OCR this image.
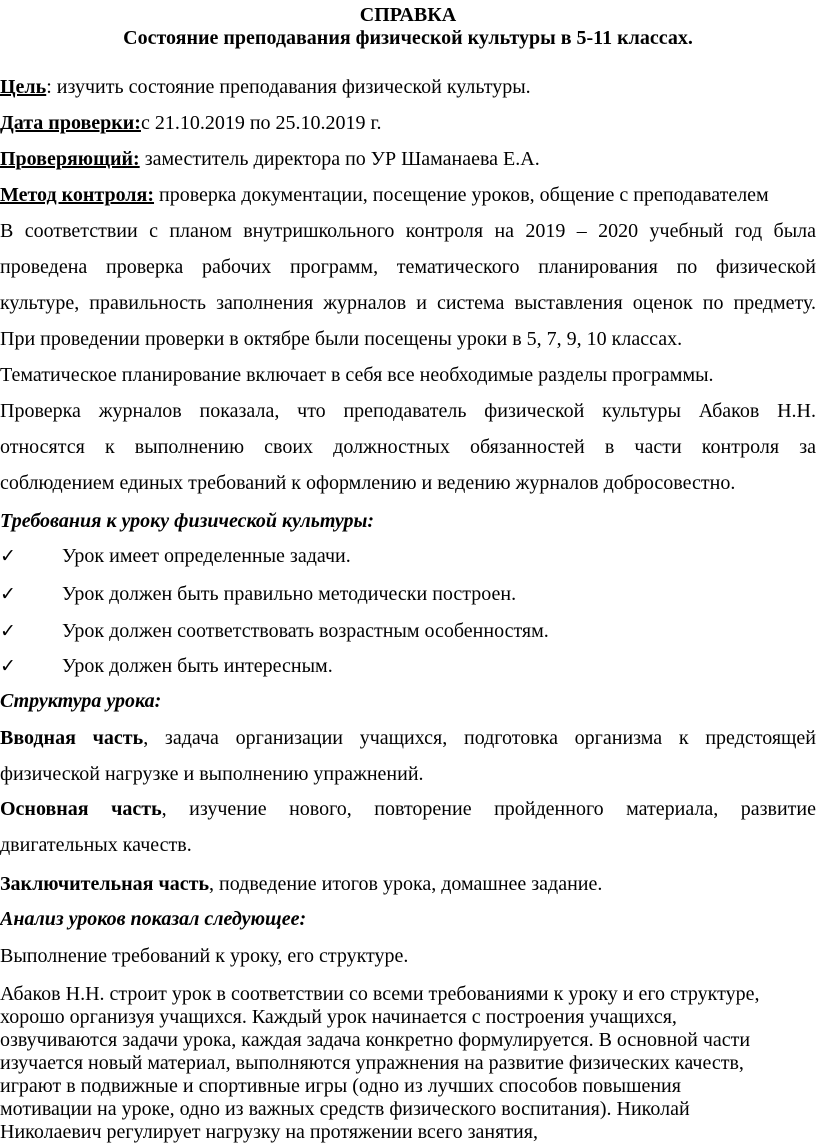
СПРАВКА
Состояние преподавания физической культуры в 5-11 классах.
Цель: изучить состояние преподавания физической культуры.
Дата проверки:с 21.10.2019 по 25.10.2019 г.
Проверяющий: заместитель директора по УР Шаманаева Е.А.
Метод контроля: проверка документации, посещение уроков, общение с преподавателем
В соответствии с планом внутришкольного контроля на 2019 – 2020 учебный год была
проведена проверка рабочих программ, тематического планирования по физической
культуре, правильность заполнения журналов и система выставления оценок по предмету.
При проведении проверки в октябре были посещены уроки в 5, 7, 9, 10 классах.
Тематическое планирование включает в себя все необходимые разделы программы.
Проверка журналов показала, что преподаватель физической культуры Абаков Н.Н.
относятся к выполнению своих должностных обязанностей в части контроля за
соблюдением единых требований к оформлению и ведению журналов добросовестно.
Требования к уроку физической культуры:
✓ Урок имеет определенные задачи.
✓ Урок должен быть правильно методически построен.
✓ Урок должен соответствовать возрастным особенностям.
✓ Урок должен быть интересным.
Структура урока:
Вводная часть, задача организации учащихся, подготовка организма к предстоящей
физической нагрузке и выполнению упражнений.
Основная часть, изучение нового, повторение пройденного материала, развитие
двигательных качеств.
Заключительная часть, подведение итогов урока, домашнее задание.
Анализ уроков показал следующее:
Выполнение требований к уроку, его структуре.
Абаков Н.Н. строит урок в соответствии со всеми требованиями к уроку и его структуре,
хорошо организуя учащихся. Каждый урок начинается с построения учащихся,
озвучиваются задачи урока, каждая задача конкретно формулируется. В основной части
изучается новый материал, выполняются упражнения на развитие физических качеств,
играют в подвижные и спортивные игры (одно из лучших способов повышения
мотивации на уроке, одно из важных средств физического воспитания). Николай
Николаевич регулирует нагрузку на протяжении всего занятия,
